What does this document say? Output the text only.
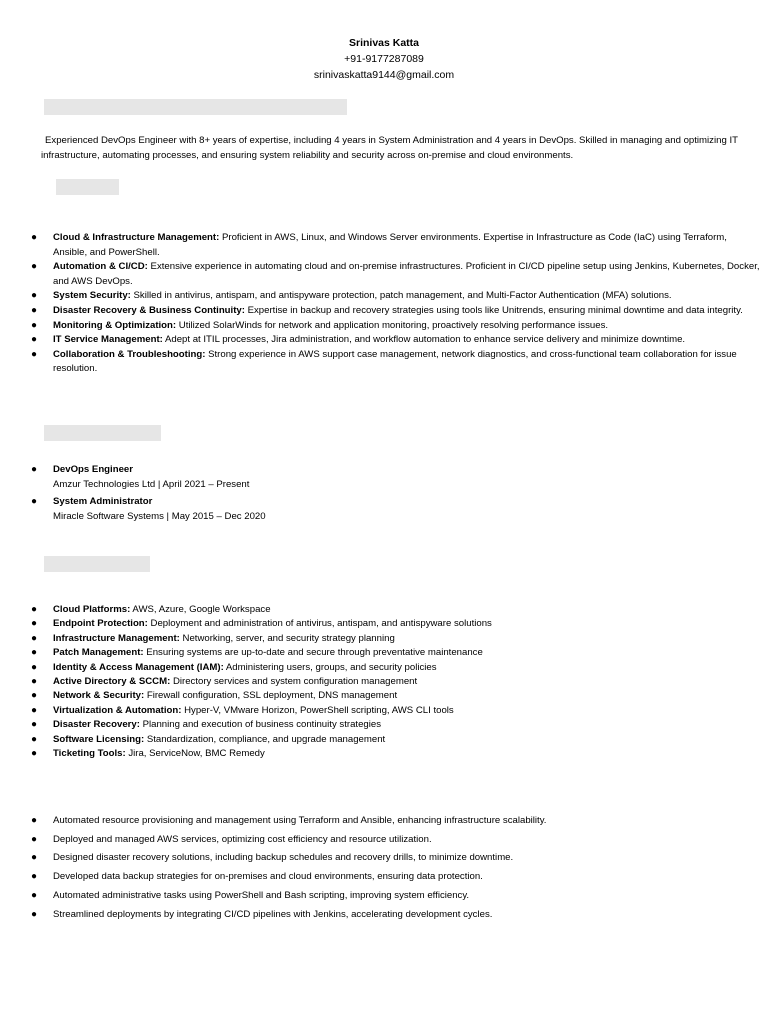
Srinivas Katta
+91-9177287089
srinivaskatta9144@gmail.com
Experienced DevOps Engineer with 8+ years of expertise, including 4 years in System Administration and 4 years in DevOps. Skilled in managing and optimizing IT infrastructure, automating processes, and ensuring system reliability and security across on-premise and cloud environments.
● Cloud & Infrastructure Management: Proficient in AWS, Linux, and Windows Server environments. Expertise in Infrastructure as Code (IaC) using Terraform, Ansible, and PowerShell.
● Automation & CI/CD: Extensive experience in automating cloud and on-premise infrastructures. Proficient in CI/CD pipeline setup using Jenkins, Kubernetes, Docker, and AWS DevOps.
● System Security: Skilled in antivirus, antispam, and antispyware protection, patch management, and Multi-Factor Authentication (MFA) solutions.
● Disaster Recovery & Business Continuity: Expertise in backup and recovery strategies using tools like Unitrends, ensuring minimal downtime and data integrity.
● Monitoring & Optimization: Utilized SolarWinds for network and application monitoring, proactively resolving performance issues.
● IT Service Management: Adept at ITIL processes, Jira administration, and workflow automation to enhance service delivery and minimize downtime.
● Collaboration & Troubleshooting: Strong experience in AWS support case management, network diagnostics, and cross-functional team collaboration for issue resolution.
● DevOps Engineer
Amzur Technologies Ltd | April 2021 – Present
● System Administrator
Miracle Software Systems | May 2015 – Dec 2020
● Cloud Platforms: AWS, Azure, Google Workspace
● Endpoint Protection: Deployment and administration of antivirus, antispam, and antispyware solutions
● Infrastructure Management: Networking, server, and security strategy planning
● Patch Management: Ensuring systems are up-to-date and secure through preventative maintenance
● Identity & Access Management (IAM): Administering users, groups, and security policies
● Active Directory & SCCM: Directory services and system configuration management
● Network & Security: Firewall configuration, SSL deployment, DNS management
● Virtualization & Automation: Hyper-V, VMware Horizon, PowerShell scripting, AWS CLI tools
● Disaster Recovery: Planning and execution of business continuity strategies
● Software Licensing: Standardization, compliance, and upgrade management
● Ticketing Tools: Jira, ServiceNow, BMC Remedy
● Automated resource provisioning and management using Terraform and Ansible, enhancing infrastructure scalability.
● Deployed and managed AWS services, optimizing cost efficiency and resource utilization.
● Designed disaster recovery solutions, including backup schedules and recovery drills, to minimize downtime.
● Developed data backup strategies for on-premises and cloud environments, ensuring data protection.
● Automated administrative tasks using PowerShell and Bash scripting, improving system efficiency.
● Streamlined deployments by integrating CI/CD pipelines with Jenkins, accelerating development cycles.
